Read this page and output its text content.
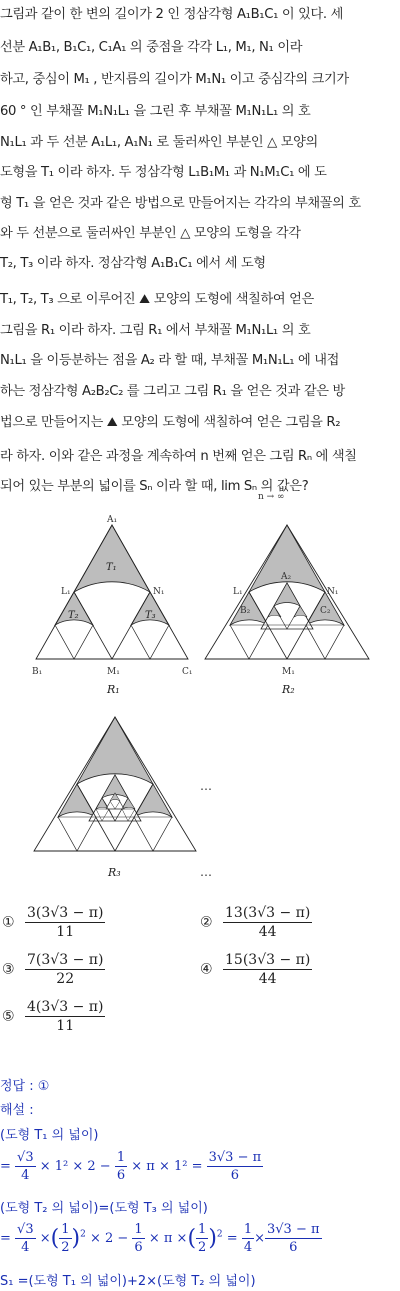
그림과 같이 한 변의 길이가 2 인 정삼각형 A₁B₁C₁ 이 있다. 세
선분 A₁B₁, B₁C₁, C₁A₁ 의 중점을 각각 L₁, M₁, N₁ 이라
하고, 중심이 M₁ , 반지름의 길이가 M₁N₁ 이고 중심각의 크기가
60 ° 인 부채꼴 M₁N₁L₁ 을 그린 후 부채꼴 M₁N₁L₁ 의 호
N₁L₁ 과 두 선분 A₁L₁, A₁N₁ 로 둘러싸인 부분인 △ 모양의
도형을 T₁ 이라 하자. 두 정삼각형 L₁B₁M₁ 과 N₁M₁C₁ 에 도
형 T₁ 을 얻은 것과 같은 방법으로 만들어지는 각각의 부채꼴의 호
와 두 선분으로 둘러싸인 부분인 △ 모양의 도형을 각각
T₂, T₃ 이라 하자. 정삼각형 A₁B₁C₁ 에서 세 도형
T₁, T₂, T₃ 으로 이루어진 ⛰ 모양의 도형에 색칠하여 얻은
그림을 R₁ 이라 하자. 그림 R₁ 에서 부채꼴 M₁N₁L₁ 의 호
N₁L₁ 을 이등분하는 점을 A₂ 라 할 때, 부채꼴 M₁N₁L₁ 에 내접
하는 정삼각형 A₂B₂C₂ 를 그리고 그림 R₁ 을 얻은 것과 같은 방
법으로 만들어지는 ⛰ 모양의 도형에 색칠하여 얻은 그림을 R₂
라 하자. 이와 같은 과정을 계속하여 n 번째 얻은 그림 Rₙ 에 색칠
되어 있는 부분의 넓이를 Sₙ 이라 할 때, lim Sₙ 의 값은?
n → ∞
A₁
T₁
L₁	N₁
T₂	T₃
B₁	M₁	C₁
R₁
L₁
A₂
N₁
B₂	C₂
M₁
R₂
R₃
…
…
① $\frac{3(3√3 - \pi)}{11}$	② $\frac{13(3√3 - \pi)}{44}$
③ $\frac{7(3√3 - \pi)}{22}$	④ $\frac{15(3√3 - \pi)}{44}$
⑤ $\frac{4(3√3 - \pi)}{11}$
정답 : ①
해설 :
(도형 T₁ 의 넓이)
= $\frac{√3}{4} \times 1^2 \times 2 - \frac{1}{6} \times \pi \times 1^2 = \frac{3√3 - \pi}{6}$
(도형 T₂ 의 넓이)=(도형 T₃ 의 넓이)
= $\frac{√3}{4}$ ×( $\frac{1}{2} )^2 \times 2 - \frac{1}{6} \times \pi$ ×( $\frac{1}{2} )^2 = \frac{1}{4} \times \frac{3√3 - \pi}{6}$
S₁ =(도형 T₁ 의 넓이)+2×(도형 T₂ 의 넓이)
